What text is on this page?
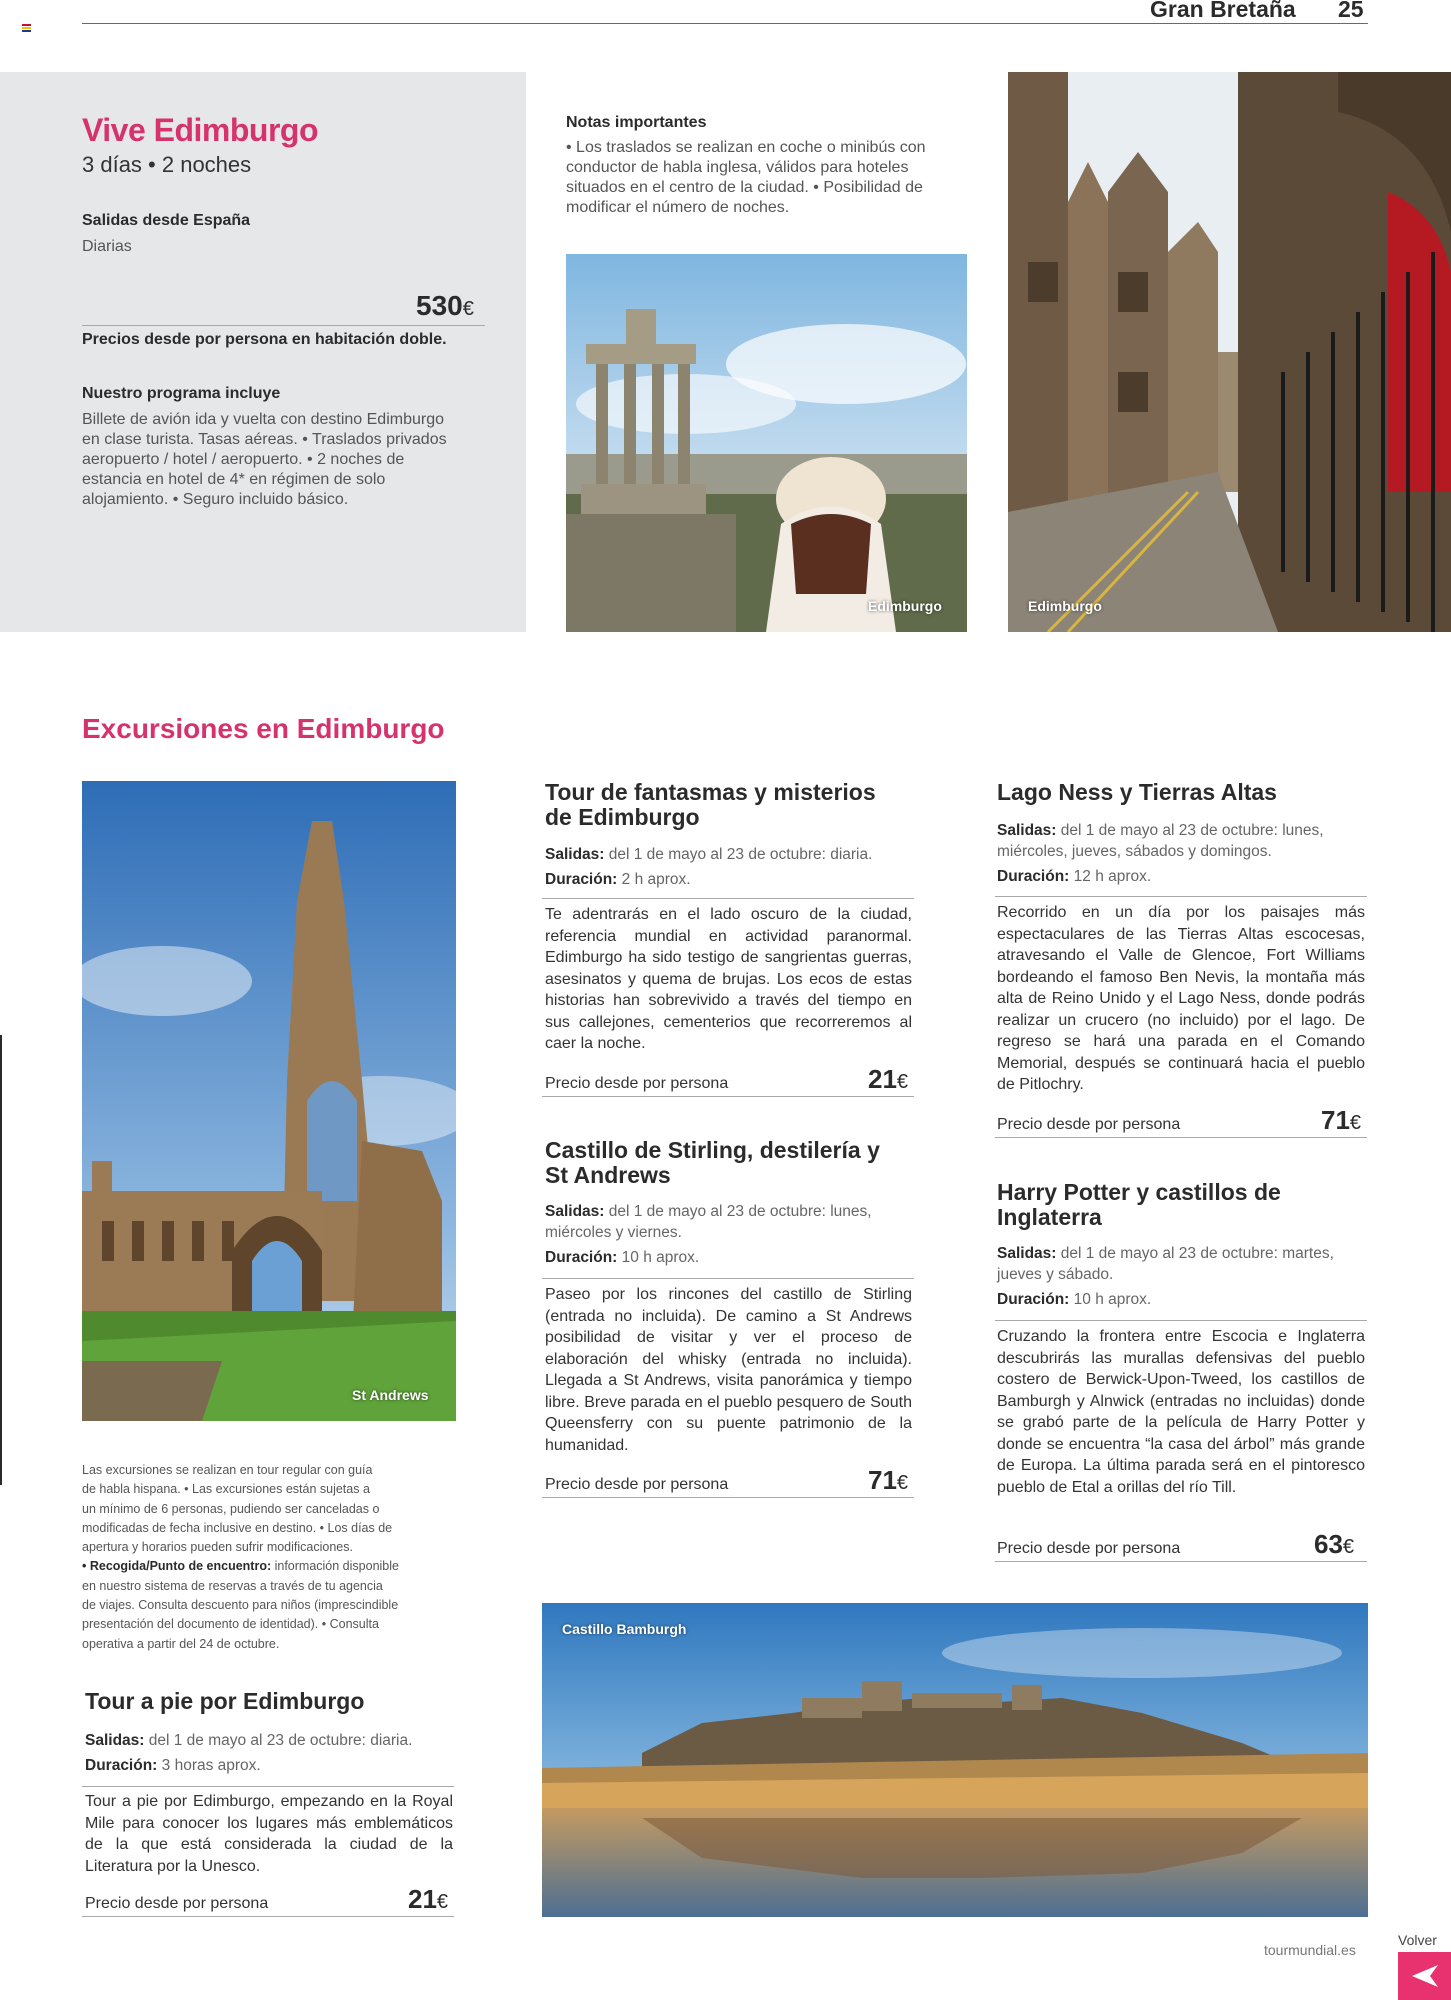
Gran Bretaña 25
Vive Edimburgo
3 días • 2 noches
Salidas desde España
Diarias
530€
Precios desde por persona en habitación doble.
Nuestro programa incluye
Billete de avión ida y vuelta con destino Edimburgo
en clase turista. Tasas aéreas. • Traslados privados
aeropuerto / hotel / aeropuerto. • 2 noches de
estancia en hotel de 4* en régimen de solo
alojamiento. • Seguro incluido básico.
Notas importantes
• Los traslados se realizan en coche o minibús con
conductor de habla inglesa, válidos para hoteles
situados en el centro de la ciudad. • Posibilidad de
modificar el número de noches.
Edimburgo	Edimburgo
Excursiones en Edimburgo
St Andrews
Las excursiones se realizan en tour regular con guía
de habla hispana. • Las excursiones están sujetas a
un mínimo de 6 personas, pudiendo ser canceladas o
modificadas de fecha inclusive en destino. • Los días de
apertura y horarios pueden sufrir modificaciones.
• Recogida/Punto de encuentro: información disponible
en nuestro sistema de reservas a través de tu agencia
de viajes. Consulta descuento para niños (imprescindible
presentación del documento de identidad). • Consulta
operativa a partir del 24 de octubre.
Tour a pie por Edimburgo
Salidas: del 1 de mayo al 23 de octubre: diaria.
Duración: 3 horas aprox.
Tour a pie por Edimburgo, empezando en la Royal Mile para conocer los lugares más emblemáticos de la que está considerada la ciudad de la Literatura por la Unesco.
Precio desde por persona	21€
Tour de fantasmas y misterios
de Edimburgo
Salidas: del 1 de mayo al 23 de octubre: diaria.
Duración: 2 h aprox.
Te adentrarás en el lado oscuro de la ciudad, referencia mundial en actividad paranormal. Edimburgo ha sido testigo de sangrientas guerras, asesinatos y quema de brujas. Los ecos de estas historias han sobrevivido a través del tiempo en sus callejones, cementerios que recorreremos al caer la noche.
Precio desde por persona	21€
Castillo de Stirling, destilería y
St Andrews
Salidas: del 1 de mayo al 23 de octubre: lunes,
miércoles y viernes.
Duración: 10 h aprox.
Paseo por los rincones del castillo de Stirling (entrada no incluida). De camino a St Andrews posibilidad de visitar y ver el proceso de elaboración del whisky (entrada no incluida). Llegada a St Andrews, visita panorámica y tiempo libre. Breve parada en el pueblo pesquero de South Queensferry con su puente patrimonio de la humanidad.
Precio desde por persona	71€
Lago Ness y Tierras Altas
Salidas: del 1 de mayo al 23 de octubre: lunes,
miércoles, jueves, sábados y domingos.
Duración: 12 h aprox.
Recorrido en un día por los paisajes más espectaculares de las Tierras Altas escocesas, atravesando el Valle de Glencoe, Fort Williams bordeando el famoso Ben Nevis, la montaña más alta de Reino Unido y el Lago Ness, donde podrás realizar un crucero (no incluido) por el lago. De regreso se hará una parada en el Comando Memorial, después se continuará hacia el pueblo de Pitlochry.
Precio desde por persona	71€
Harry Potter y castillos de
Inglaterra
Salidas: del 1 de mayo al 23 de octubre: martes,
jueves y sábado.
Duración: 10 h aprox.
Cruzando la frontera entre Escocia e Inglaterra descubrirás las murallas defensivas del pueblo costero de Berwick-Upon-Tweed, los castillos de Bamburgh y Alnwick (entradas no incluidas) donde se grabó parte de la película de Harry Potter y donde se encuentra “la casa del árbol” más grande de Europa. La última parada será en el pintoresco pueblo de Etal a orillas del río Till.
Precio desde por persona	63€
Castillo Bamburgh
tourmundial.es
Volver
